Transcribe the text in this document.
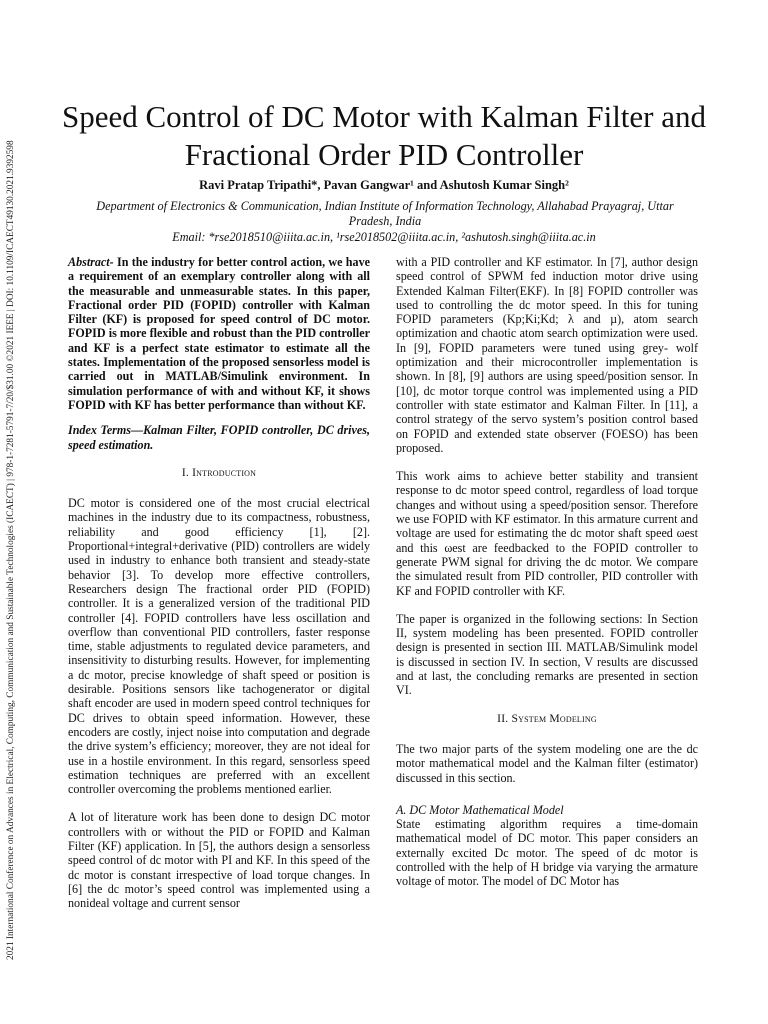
2021 International Conference on Advances in Electrical, Computing, Communication and Sustainable Technologies (ICAECT) | 978-1-7281-5791-7/20/$31.00 ©2021 IEEE | DOI: 10.1109/ICAECT49130.2021.9392598
Speed Control of DC Motor with Kalman Filter and Fractional Order PID Controller
Ravi Pratap Tripathi*, Pavan Gangwar¹ and Ashutosh Kumar Singh²
Department of Electronics & Communication, Indian Institute of Information Technology, Allahabad Prayagraj, Uttar Pradesh, India
Email: *rse2018510@iiita.ac.in, ¹rse2018502@iiita.ac.in, ²ashutosh.singh@iiita.ac.in

Abstract- In the industry for better control action, we have a requirement of an exemplary controller along with all the measurable and unmeasurable states. In this paper, Fractional order PID (FOPID) controller with Kalman Filter (KF) is proposed for speed control of DC motor. FOPID is more flexible and robust than the PID controller and KF is a perfect state estimator to estimate all the states. Implementation of the proposed sensorless model is carried out in MATLAB/Simulink environment. In simulation performance of with and without KF, it shows FOPID with KF has better performance than without KF.

Index Terms—Kalman Filter, FOPID controller, DC drives, speed estimation.

I. Introduction

DC motor is considered one of the most crucial electrical machines in the industry due to its compactness, robustness, reliability and good efficiency [1], [2]. Proportional+integral+derivative (PID) controllers are widely used in industry to enhance both transient and steady-state behavior [3]. To develop more effective controllers, Researchers design The fractional order PID (FOPID) controller. It is a generalized version of the traditional PID controller [4]. FOPID controllers have less oscillation and overflow than conventional PID controllers, faster response time, stable adjustments to regulated device parameters, and insensitivity to disturbing results. However, for implementing a dc motor, precise knowledge of shaft speed or position is desirable. Positions sensors like tachogenerator or digital shaft encoder are used in modern speed control techniques for DC drives to obtain speed information. However, these encoders are costly, inject noise into computation and degrade the drive system’s efficiency; moreover, they are not ideal for use in a hostile environment. In this regard, sensorless speed estimation techniques are preferred with an excellent controller overcoming the problems mentioned earlier.

A lot of literature work has been done to design DC motor controllers with or without the PID or FOPID and Kalman Filter (KF) application. In [5], the authors design a sensorless speed control of dc motor with PI and KF. In this speed of the dc motor is constant irrespective of load torque changes. In [6] the dc motor’s speed control was implemented using a nonideal voltage and current sensor

with a PID controller and KF estimator. In [7], author design speed control of SPWM fed induction motor drive using Extended Kalman Filter(EKF). In [8] FOPID controller was used to controlling the dc motor speed. In this for tuning FOPID parameters (Kp;Ki;Kd; λ and µ), atom search optimization and chaotic atom search optimization were used. In [9], FOPID parameters were tuned using grey- wolf optimization and their microcontroller implementation is shown. In [8], [9] authors are using speed/position sensor. In [10], dc motor torque control was implemented using a PID controller with state estimator and Kalman Filter. In [11], a control strategy of the servo system’s position control based on FOPID and extended state observer (FOESO) has been proposed.

This work aims to achieve better stability and transient response to dc motor speed control, regardless of load torque changes and without using a speed/position sensor. Therefore we use FOPID with KF estimator. In this armature current and voltage are used for estimating the dc motor shaft speed ωest and this ωest are feedbacked to the FOPID controller to generate PWM signal for driving the dc motor. We compare the simulated result from PID controller, PID controller with KF and FOPID controller with KF.

The paper is organized in the following sections: In Section II, system modeling has been presented. FOPID controller design is presented in section III. MATLAB/Simulink model is discussed in section IV. In section, V results are discussed and at last, the concluding remarks are presented in section VI.

II. System Modeling

The two major parts of the system modeling one are the dc motor mathematical model and the Kalman filter (estimator) discussed in this section.

A. DC Motor Mathematical Model

State estimating algorithm requires a time-domain mathematical model of DC motor. This paper considers an externally excited Dc motor. The speed of dc motor is controlled with the help of H bridge via varying the armature voltage of motor. The model of DC Motor has
